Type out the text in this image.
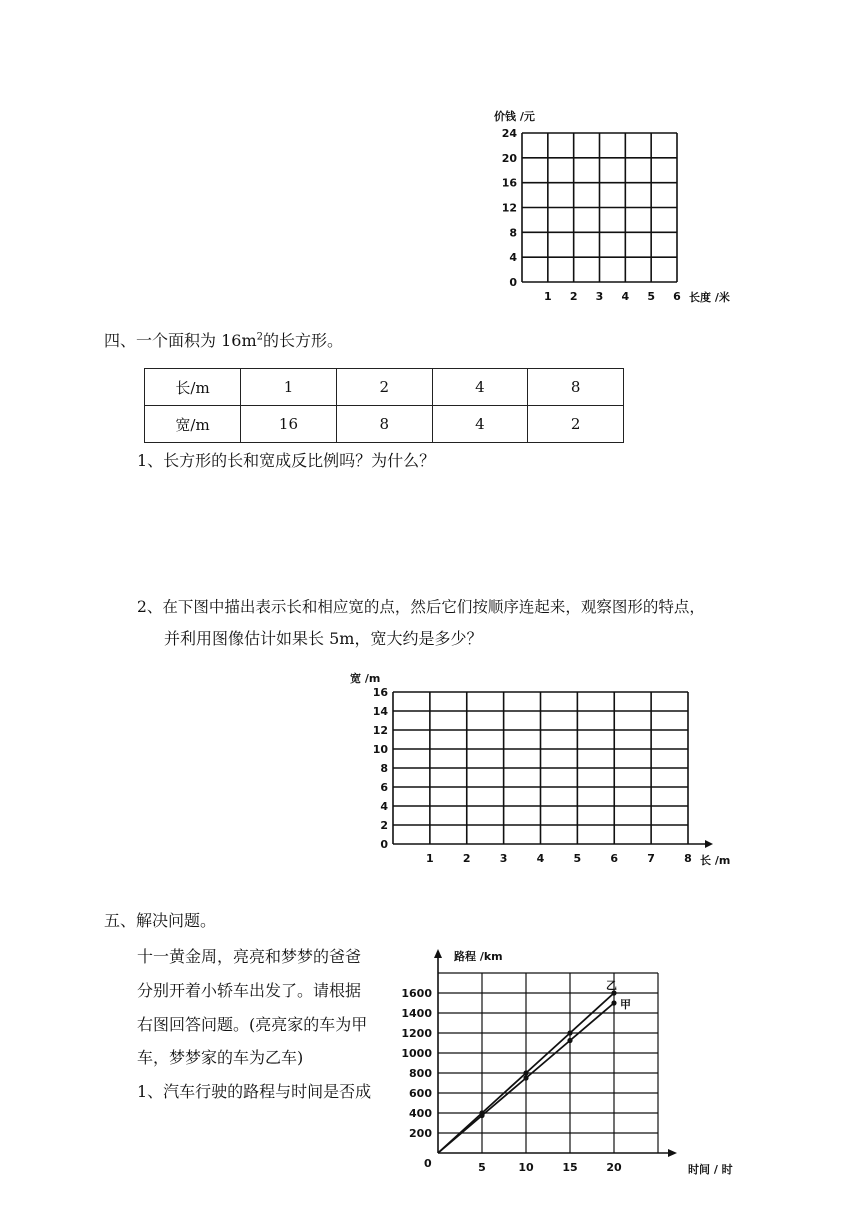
价钱 /元
0
4
8
12
16
20
24
1 2 3 4 5 6 长度 /米
四、一个面积为 $16m^2$的长方形。
长/m	1	2	4	8
宽/m	16	8	4	2
1、长方形的长和宽成反比例吗？为什么？
2、在下图中描出表示长和相应宽的点，然后它们按顺序连起来，观察图形的特点，
并利用图像估计如果长 5m，宽大约是多少？
宽 /m
0
2
4
6
8
10
12
14
16
1	2	3	4	5	6	7	8 长 /m
五、解决问题。
十一黄金周，亮亮和梦梦的爸爸
分别开着小轿车出发了。请根据
右图回答问题。(亮亮家的车为甲
车，梦梦家的车为乙车)
1、汽车行驶的路程与时间是否成
路程 /km
200
400
600
800
1000
1200
1400
1600
5	10	15	20
0
乙
甲
时间 / 时
